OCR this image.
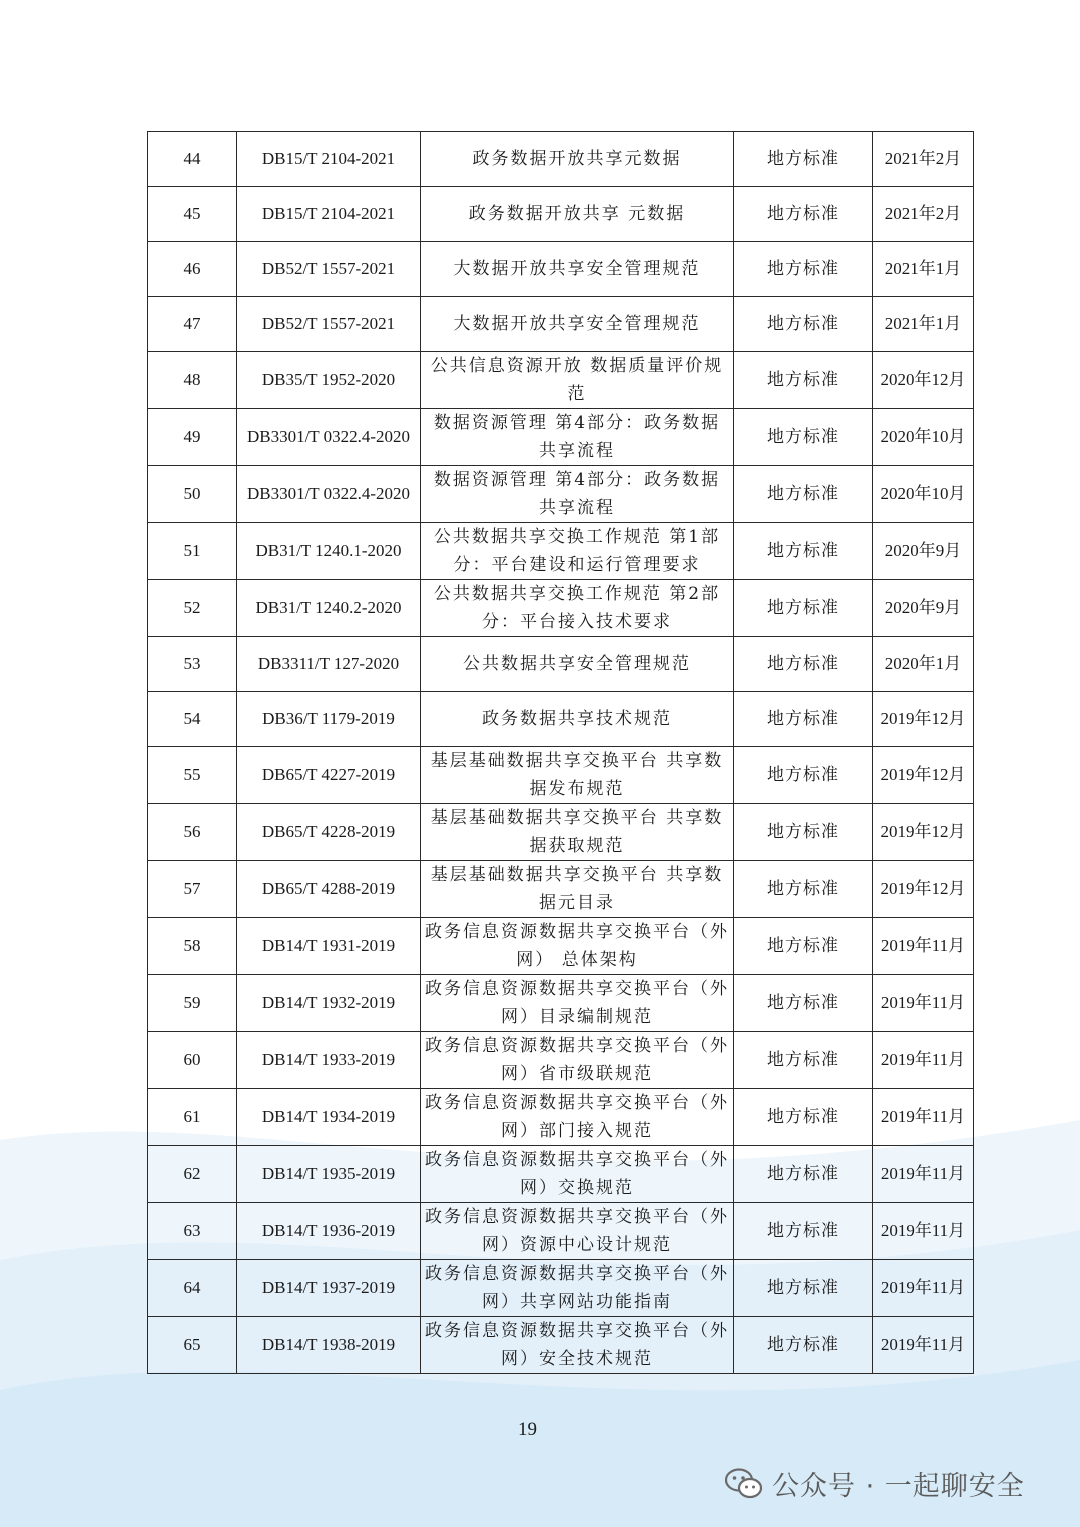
44	DB15/T 2104-2021	政务数据开放共享元数据	地方标准	2021年2月
45	DB15/T 2104-2021	政务数据开放共享 元数据	地方标准	2021年2月
46	DB52/T 1557-2021	大数据开放共享安全管理规范	地方标准	2021年1月
47	DB52/T 1557-2021	大数据开放共享安全管理规范	地方标准	2021年1月
48	DB35/T 1952-2020	公共信息资源开放 数据质量评价规范	地方标准	2020年12月
49	DB3301/T 0322.4-2020	数据资源管理 第4部分：政务数据共享流程	地方标准	2020年10月
50	DB3301/T 0322.4-2020	数据资源管理 第4部分：政务数据共享流程	地方标准	2020年10月
51	DB31/T 1240.1-2020	公共数据共享交换工作规范 第1部分：平台建设和运行管理要求	地方标准	2020年9月
52	DB31/T 1240.2-2020	公共数据共享交换工作规范 第2部分：平台接入技术要求	地方标准	2020年9月
53	DB3311/T 127-2020	公共数据共享安全管理规范	地方标准	2020年1月
54	DB36/T 1179-2019	政务数据共享技术规范	地方标准	2019年12月
55	DB65/T 4227-2019	基层基础数据共享交换平台 共享数据发布规范	地方标准	2019年12月
56	DB65/T 4228-2019	基层基础数据共享交换平台 共享数据获取规范	地方标准	2019年12月
57	DB65/T 4288-2019	基层基础数据共享交换平台 共享数据元目录	地方标准	2019年12月
58	DB14/T 1931-2019	政务信息资源数据共享交换平台（外网） 总体架构	地方标准	2019年11月
59	DB14/T 1932-2019	政务信息资源数据共享交换平台（外网）目录编制规范	地方标准	2019年11月
60	DB14/T 1933-2019	政务信息资源数据共享交换平台（外网）省市级联规范	地方标准	2019年11月
61	DB14/T 1934-2019	政务信息资源数据共享交换平台（外网）部门接入规范	地方标准	2019年11月
62	DB14/T 1935-2019	政务信息资源数据共享交换平台（外网）交换规范	地方标准	2019年11月
63	DB14/T 1936-2019	政务信息资源数据共享交换平台（外网）资源中心设计规范	地方标准	2019年11月
64	DB14/T 1937-2019	政务信息资源数据共享交换平台（外网）共享网站功能指南	地方标准	2019年11月
65	DB14/T 1938-2019	政务信息资源数据共享交换平台（外网）安全技术规范	地方标准	2019年11月
19
公众号 · 一起聊安全
